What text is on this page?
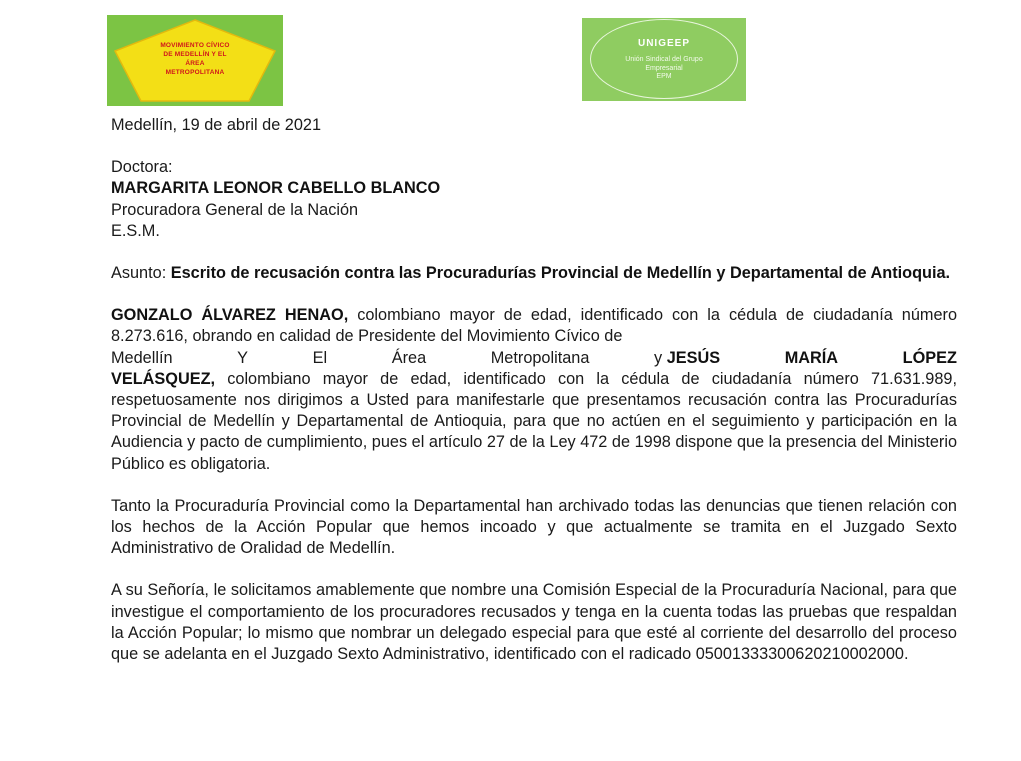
MOVIMIENTO CÍVICO
DE MEDELLÍN Y EL
ÁREA
METROPOLITANA
UNIGEEP
Unión Sindical del Grupo
Empresarial
EPM

Medellín, 19 de abril de 2021

Doctora:

MARGARITA LEONOR CABELLO BLANCO

Procuradora General de la Nación

E.S.M.

Asunto: Escrito de recusación contra las Procuradurías Provincial de Medellín y Departamental de Antioquia.

GONZALO ÁLVAREZ HENAO, colombiano mayor de edad, identificado con la cédula de ciudadanía número 8.273.616, obrando en calidad de Presidente del Movimiento Cívico de

Medellín	Y	El	Área	Metropolitana	y JESÚS	MARÍA	LÓPEZ

VELÁSQUEZ, colombiano mayor de edad, identificado con la cédula de ciudadanía número 71.631.989, respetuosamente nos dirigimos a Usted para manifestarle que presentamos recusación contra las Procuradurías Provincial de Medellín y Departamental de Antioquia, para que no actúen en el seguimiento y participación en la Audiencia y pacto de cumplimiento, pues el artículo 27 de la Ley 472 de 1998 dispone que la presencia del Ministerio Público es obligatoria.

Tanto la Procuraduría Provincial como la Departamental han archivado todas las denuncias que tienen relación con los hechos de la Acción Popular que hemos incoado y que actualmente se tramita en el Juzgado Sexto Administrativo de Oralidad de Medellín.

A su Señoría, le solicitamos amablemente que nombre una Comisión Especial de la Procuraduría Nacional, para que investigue el comportamiento de los procuradores recusados y tenga en la cuenta todas las pruebas que respaldan la Acción Popular; lo mismo que nombrar un delegado especial para que esté al corriente del desarrollo del proceso que se adelanta en el Juzgado Sexto Administrativo, identificado con el radicado 05001333300620210002000.
